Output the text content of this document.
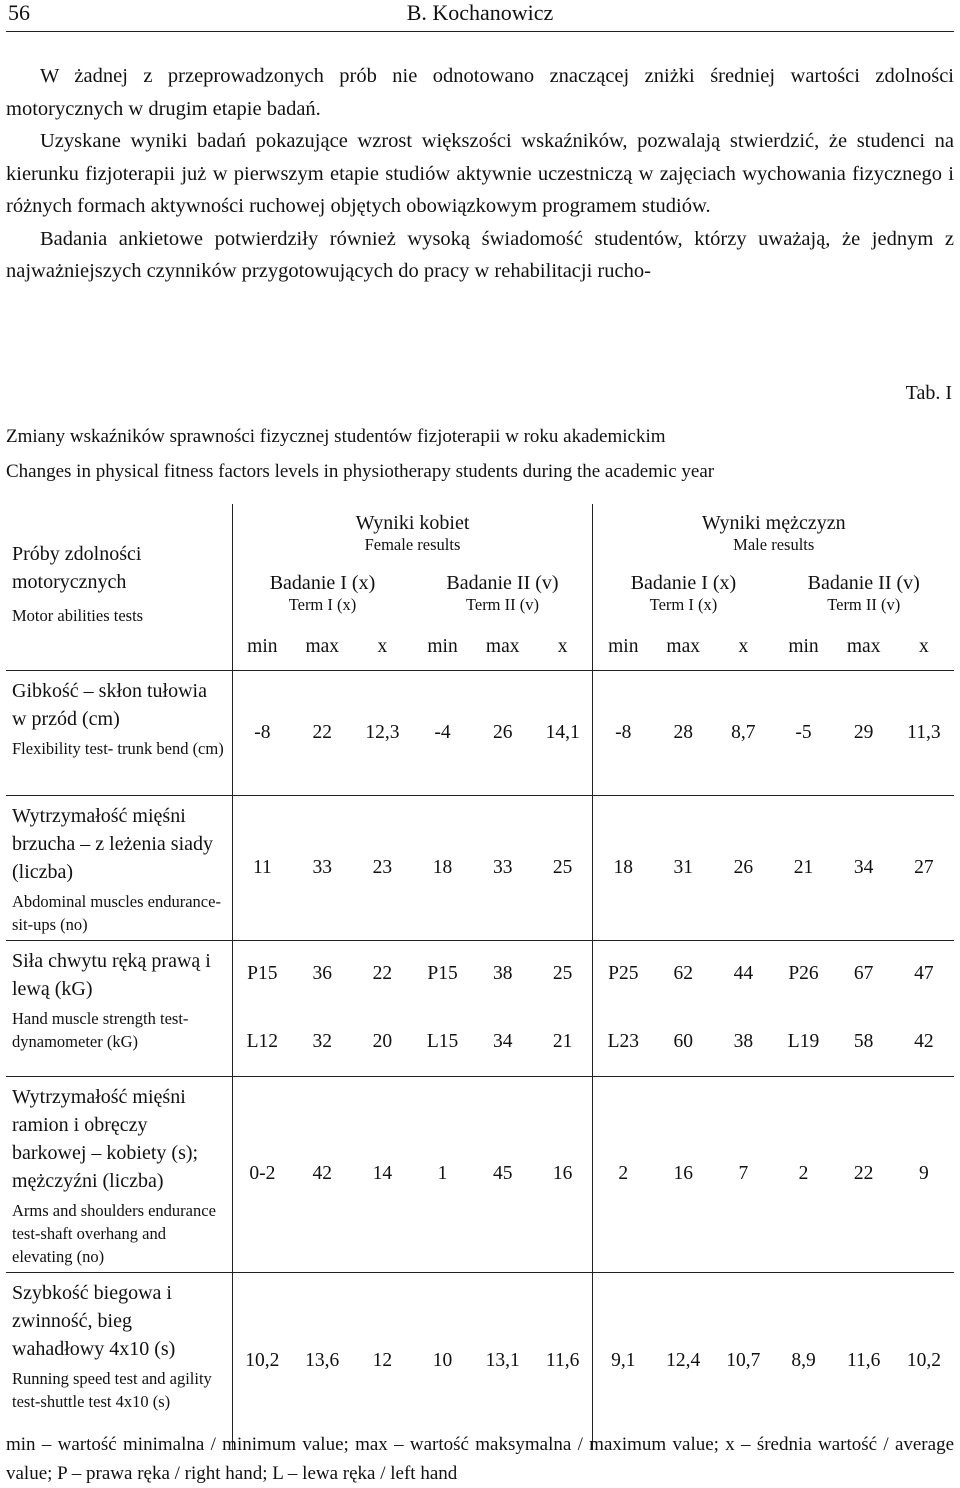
56	B. Kochanowicz

W żadnej z przeprowadzonych prób nie odnotowano znaczącej zniżki średniej wartości zdolności motorycznych w drugim etapie badań.

Uzyskane wyniki badań pokazujące wzrost większości wskaźników, pozwalają stwierdzić, że studenci na kierunku fizjoterapii już w pierwszym etapie studiów aktywnie uczestniczą w zajęciach wychowania fizycznego i różnych formach aktywności ruchowej objętych obowiązkowym programem studiów.

Badania ankietowe potwierdziły również wysoką świadomość studentów, którzy uważają, że jednym z najważniejszych czynników przygotowujących do pracy w rehabilitacji rucho-

Tab. I
Zmiany wskaźników sprawności fizycznej studentów fizjoterapii w roku akademickim
Changes in physical fitness factors levels in physiotherapy students during the academic year
Próby zdolności motorycznych
Motor abilities tests	Wyniki kobiet
Female results						Wyniki mężczyzn
Male results					

	Badanie I (x)
Term I (x)			Badanie II (v)
Term II (v)			Badanie I (x)
Term I (x)			Badanie II (v)
Term II (v)		

	min	max	x	min	max	x	min	max	x	min	max	x

Gibkość – skłon tułowia w przód (cm)
Flexibility test- trunk bend (cm)	-8	22	12,3	-4	26	14,1	-8	28	8,7	-5	29	11,3

Wytrzymałość mięśni brzucha – z leżenia siady (liczba)
Abdominal muscles endurance-sit-ups (no)	11	33	23	18	33	25	18	31	26	21	34	27

Siła chwytu ręką prawą i lewą (kG)
Hand muscle strength test-dynamometer (kG)	P15	36	22	P15	38	25	P25	62	44	P26	67	47
	L12	32	20	L15	34	21	L23	60	38	L19	58	42

Wytrzymałość mięśni ramion i obręczy barkowej – kobiety (s); mężczyźni (liczba)
Arms and shoulders endurance test-shaft overhang and elevating (no)	0-2	42	14	1	45	16	2	16	7	2	22	9

Szybkość biegowa i zwinność, bieg wahadłowy 4x10 (s)
Running speed test and agility test-shuttle test 4x10 (s)	10,2	13,6	12	10	13,1	11,6	9,1	12,4	10,7	8,9	11,6	10,2
min – wartość minimalna / minimum value; max – wartość maksymalna / maximum value; x – średnia wartość / average value; P – prawa ręka / right hand; L – lewa ręka / left hand
